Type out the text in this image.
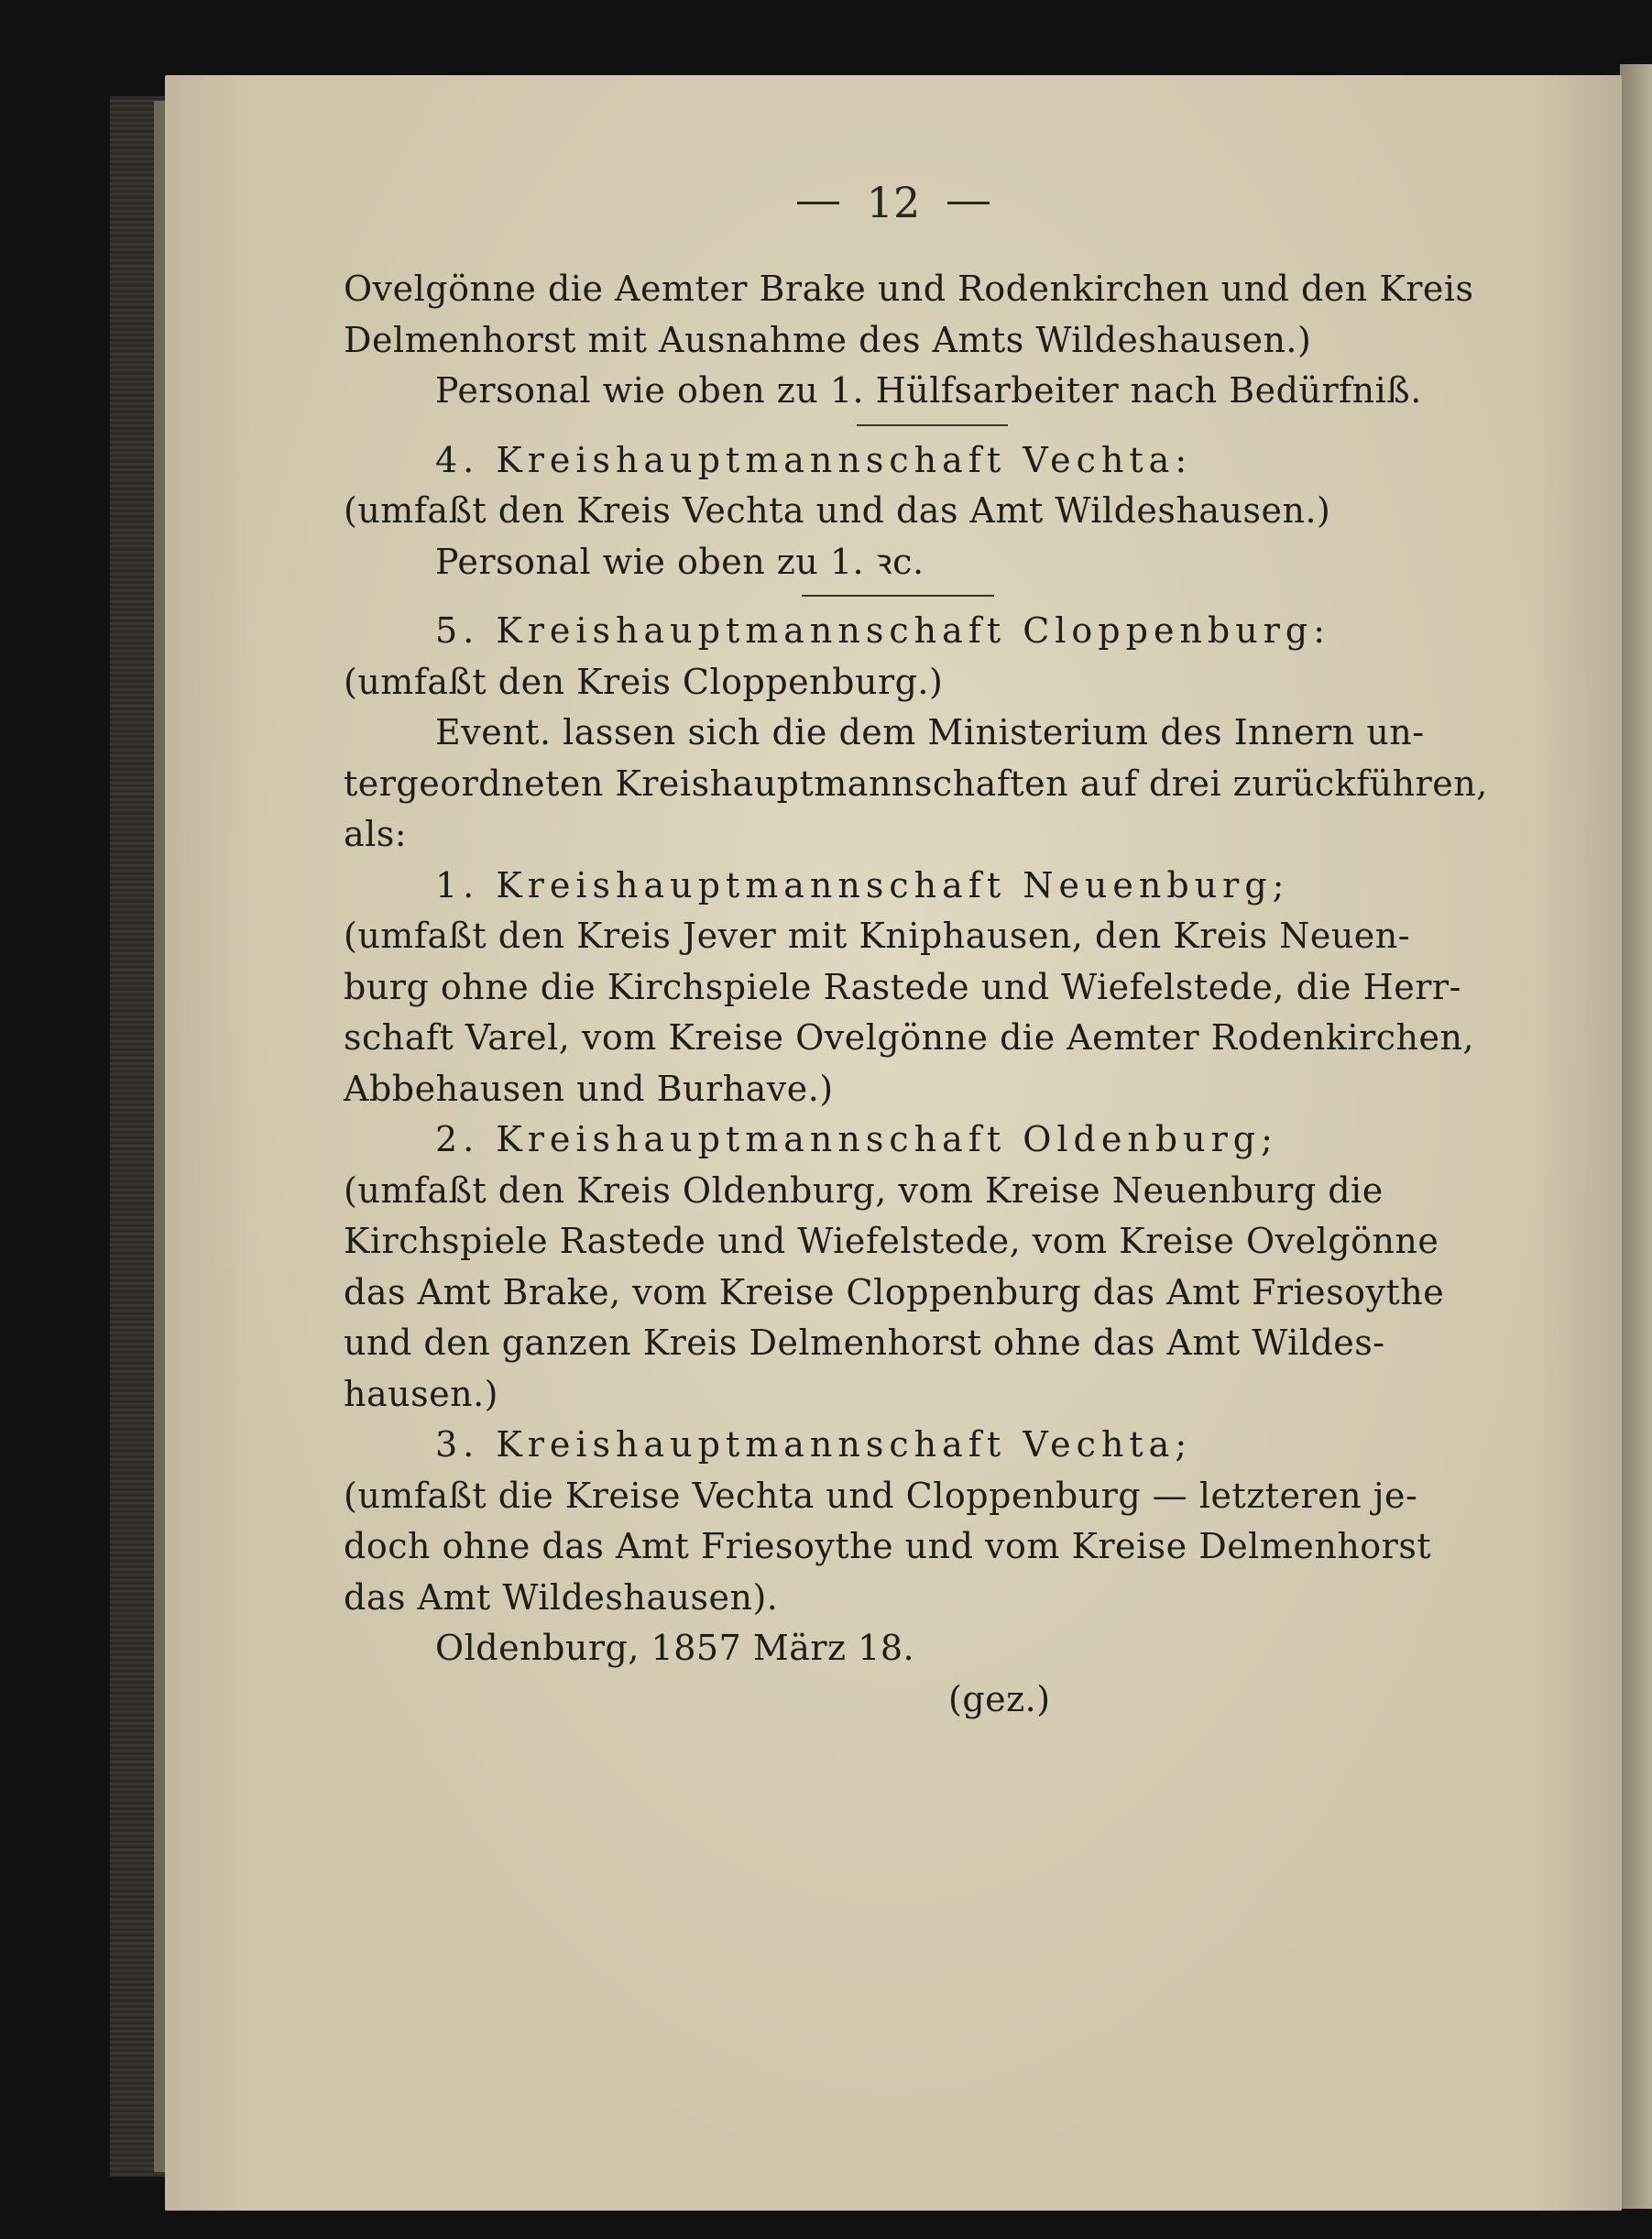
12
Ovelgönne die Aemter Brake und Rodenkirchen und den Kreis
Delmenhorst mit Ausnahme des Amts Wildeshausen.)
Personal wie oben zu 1. Hülfsarbeiter nach Bedürfniß.
4. Kreishauptmannschaft Vechta:
(umfaßt den Kreis Vechta und das Amt Wildeshausen.)
Personal wie oben zu 1. ꝛc.
5. Kreishauptmannschaft Cloppenburg:
(umfaßt den Kreis Cloppenburg.)
Event. lassen sich die dem Ministerium des Innern un-
tergeordneten Kreishauptmannschaften auf drei zurückführen,
als:
1. Kreishauptmannschaft Neuenburg;
(umfaßt den Kreis Jever mit Kniphausen, den Kreis Neuen-
burg ohne die Kirchspiele Rastede und Wiefelstede, die Herr-
schaft Varel, vom Kreise Ovelgönne die Aemter Rodenkirchen,
Abbehausen und Burhave.)
2. Kreishauptmannschaft Oldenburg;
(umfaßt den Kreis Oldenburg, vom Kreise Neuenburg die
Kirchspiele Rastede und Wiefelstede, vom Kreise Ovelgönne
das Amt Brake, vom Kreise Cloppenburg das Amt Friesoythe
und den ganzen Kreis Delmenhorst ohne das Amt Wildes-
hausen.)
3. Kreishauptmannschaft Vechta;
(umfaßt die Kreise Vechta und Cloppenburg — letzteren je-
doch ohne das Amt Friesoythe und vom Kreise Delmenhorst
das Amt Wildeshausen).
Oldenburg, 1857 März 18.
(gez.)
